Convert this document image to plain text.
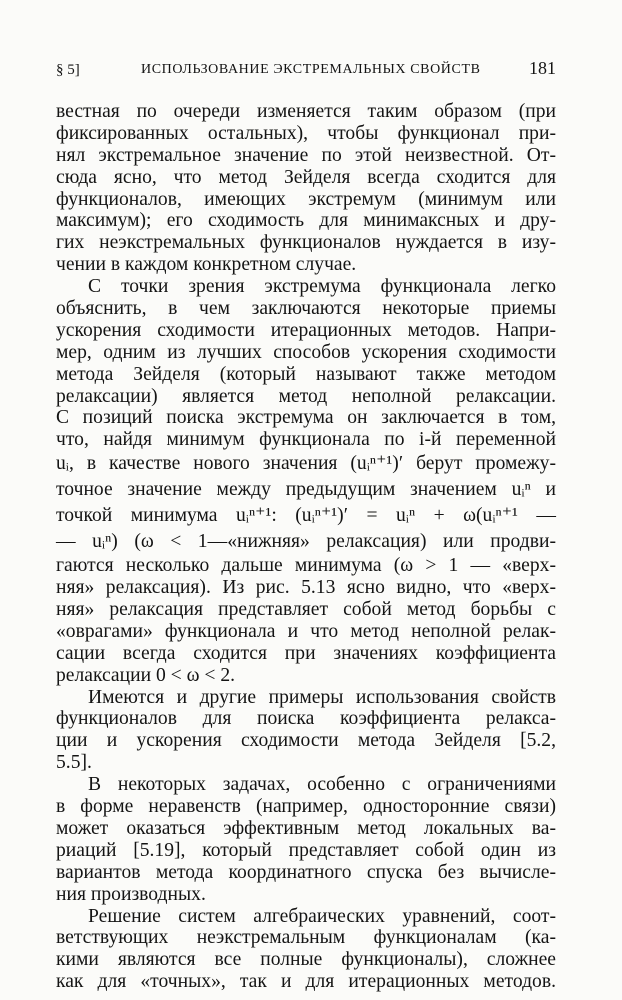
§ 5]	ИСПОЛЬЗОВАНИЕ ЭКСТРЕМАЛЬНЫХ СВОЙСТВ	181
вестная по очереди изменяется таким образом (при
фиксированных остальных), чтобы функционал при-
нял экстремальное значение по этой неизвестной. От-
сюда ясно, что метод Зейделя всегда сходится для
функционалов, имеющих экстремум (минимум или
максимум); его сходимость для минимаксных и дру-
гих неэкстремальных функционалов нуждается в изу-
чении в каждом конкретном случае.
С точки зрения экстремума функционала легко
объяснить, в чем заключаются некоторые приемы
ускорения сходимости итерационных методов. Напри-
мер, одним из лучших способов ускорения сходимости
метода Зейделя (который называют также методом
релаксации) является метод неполной релаксации.
С позиций поиска экстремума он заключается в том,
что, найдя минимум функционала по i-й переменной
uᵢ, в качестве нового значения (uᵢⁿ⁺¹)′ берут промежу-
точное значение между предыдущим значением uᵢⁿ и
точкой минимума uᵢⁿ⁺¹: (uᵢⁿ⁺¹)′ = uᵢⁿ + ω(uᵢⁿ⁺¹ —
— uᵢⁿ) (ω < 1—«нижняя» релаксация) или продви-
гаются несколько дальше минимума (ω > 1 — «верх-
няя» релаксация). Из рис. 5.13 ясно видно, что «верх-
няя» релаксация представляет собой метод борьбы с
«оврагами» функционала и что метод неполной релак-
сации всегда сходится при значениях коэффициента
релаксации 0 < ω < 2.
Имеются и другие примеры использования свойств
функционалов для поиска коэффициента релакса-
ции и ускорения сходимости метода Зейделя [5.2,
5.5].
В некоторых задачах, особенно с ограничениями
в форме неравенств (например, односторонние связи)
может оказаться эффективным метод локальных ва-
риаций [5.19], который представляет собой один из
вариантов метода координатного спуска без вычисле-
ния производных.
Решение систем алгебраических уравнений, соот-
ветствующих неэкстремальным функционалам (ка-
кими являются все полные функционалы), сложнее
как для «точных», так и для итерационных методов.
